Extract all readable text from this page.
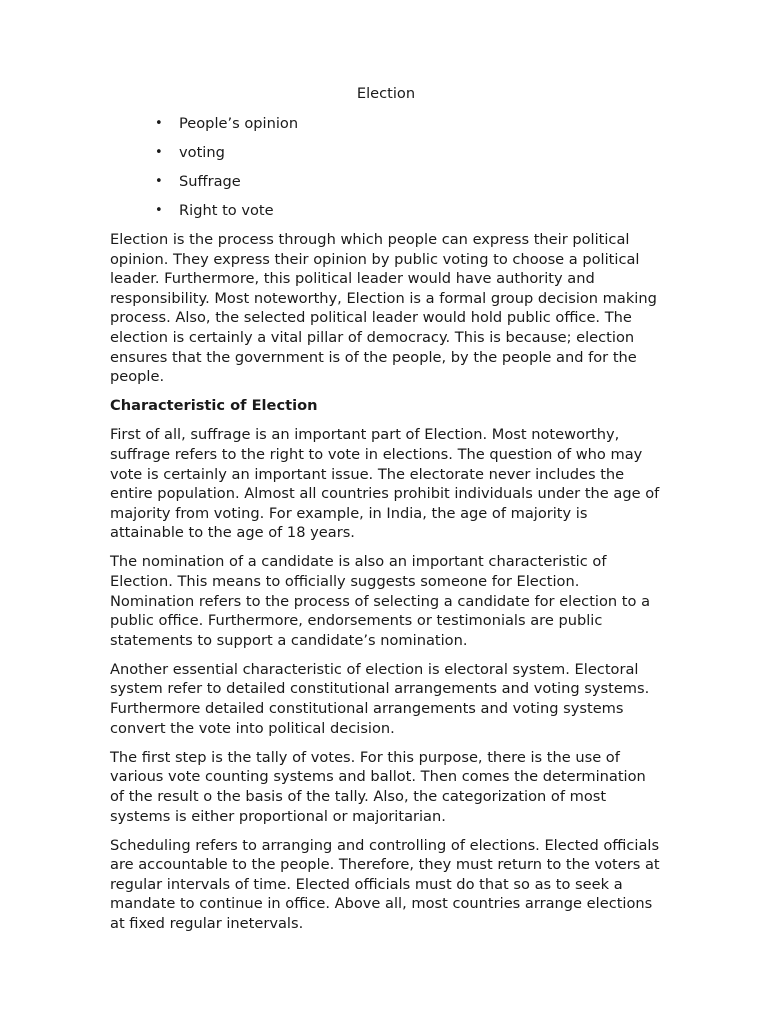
Election
• People’s opinion
• voting
• Suffrage
• Right to vote

Election is the process through which people can express their political opinion. They express their opinion by public voting to choose a political leader. Furthermore, this political leader would have authority and responsibility. Most noteworthy, Election is a formal group decision making process. Also, the selected political leader would hold public office. The election is certainly a vital pillar of democracy. This is because; election ensures that the government is of the people, by the people and for the people.

Characteristic of Election

First of all, suffrage is an important part of Election. Most noteworthy, suffrage refers to the right to vote in elections. The question of who may vote is certainly an important issue. The electorate never includes the entire population. Almost all countries prohibit individuals under the age of majority from voting. For example, in India, the age of majority is attainable to the age of 18 years.

The nomination of a candidate is also an important characteristic of Election. This means to officially suggests someone for Election. Nomination refers to the process of selecting a candidate for election to a public office. Furthermore, endorsements or testimonials are public statements to support a candidate’s nomination.

Another essential characteristic of election is electoral system. Electoral system refer to detailed constitutional arrangements and voting systems. Furthermore detailed constitutional arrangements and voting systems convert the vote into political decision.

The first step is the tally of votes. For this purpose, there is the use of various vote counting systems and ballot. Then comes the determination of the result o the basis of the tally. Also, the categorization of most systems is either proportional or majoritarian.

Scheduling refers to arranging and controlling of elections. Elected officials are accountable to the people. Therefore, they must return to the voters at regular intervals of time. Elected officials must do that so as to seek a mandate to continue in office. Above all, most countries arrange elections at fixed regular inetervals.
